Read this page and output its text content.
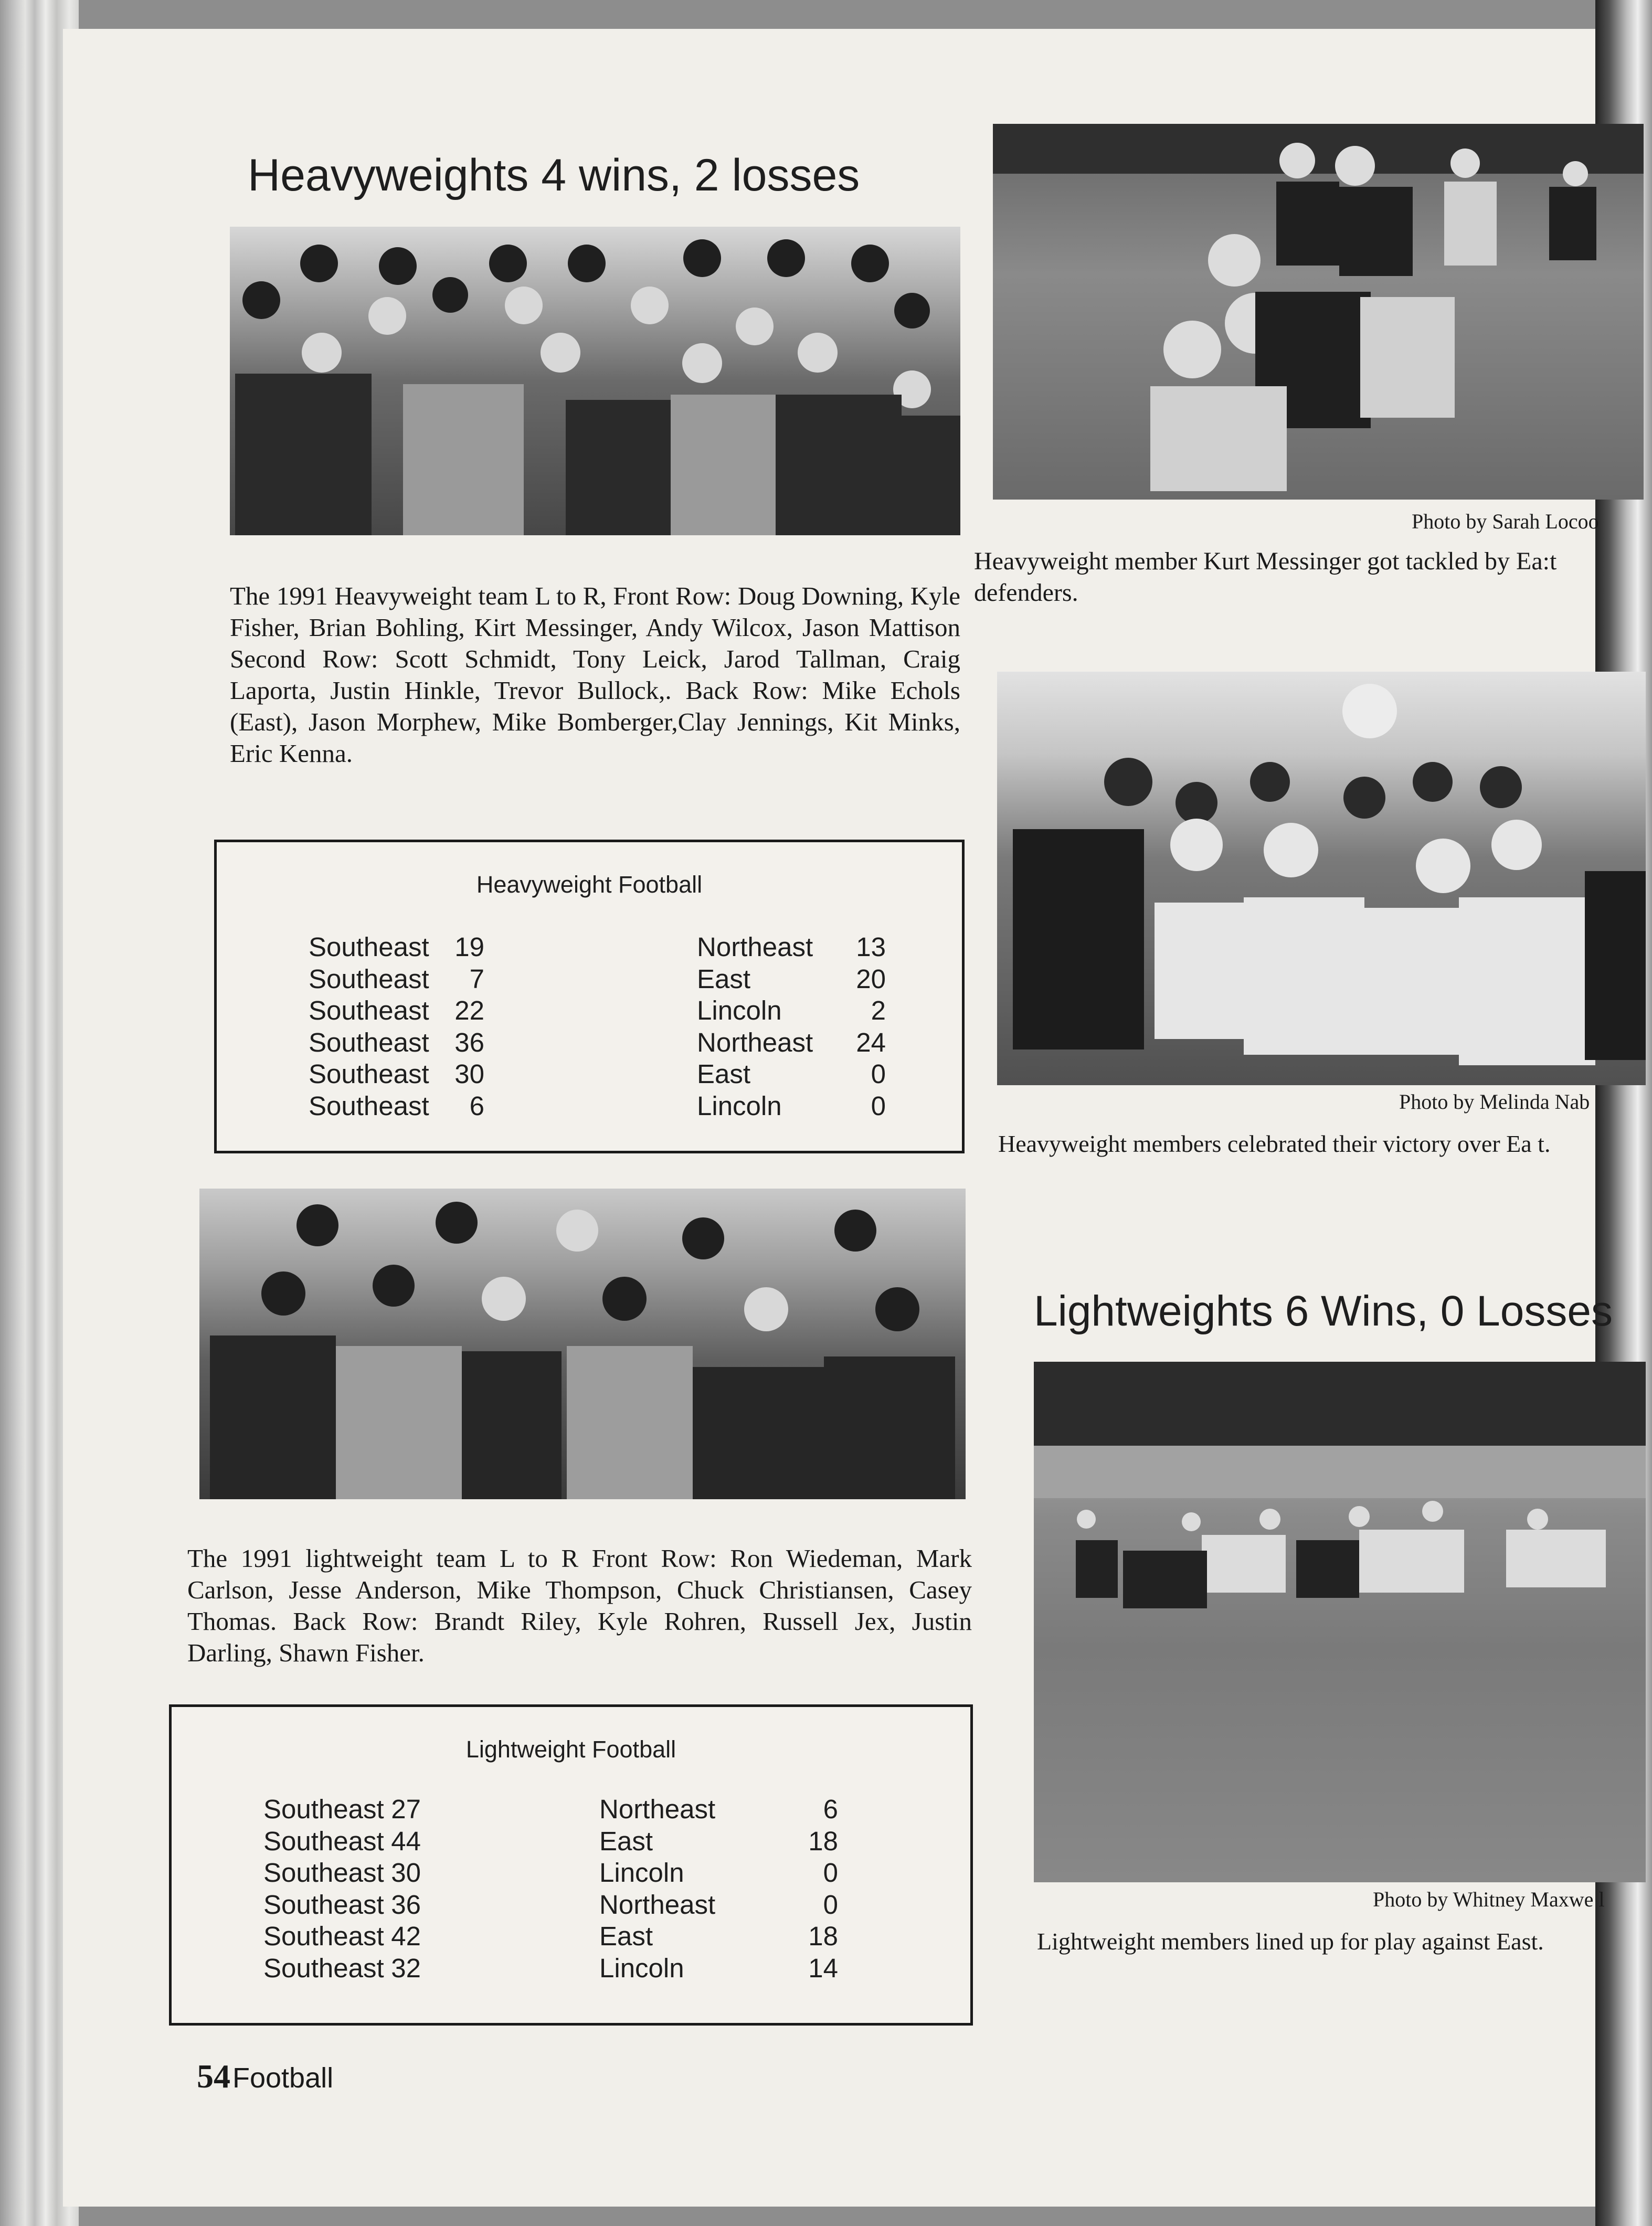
Heavyweights 4 wins, 2 losses

The 1991 Heavyweight team L to R, Front Row: Doug Downing, Kyle Fisher, Brian Bohling, Kirt Messinger, Andy Wilcox, Jason Mattison Second Row: Scott Schmidt, Tony Leick, Jarod Tallman, Craig Laporta, Justin Hinkle, Trevor Bullock,. Back Row: Mike Echols (East), Jason Morphew, Mike Bomberger,Clay Jennings, Kit Minks, Eric Kenna.

Heavyweight Football
Southeast 19	Northeast	13
Southeast	7	East	20
Southeast 22	Lincoln	2
Southeast 36	Northeast	24
Southeast 30	East	0
Southeast	6	Lincoln	0

The 1991 lightweight team L to R Front Row: Ron Wiedeman, Mark Carlson, Jesse Anderson, Mike Thompson, Chuck Christiansen, Casey Thomas. Back Row: Brandt Riley, Kyle Rohren, Russell Jex, Justin Darling, Shawn Fisher.

Lightweight Football
Southeast 27	Northeast	6
Southeast 44	East	18
Southeast 30	Lincoln	0
Southeast 36	Northeast	0
Southeast 42	East	18
Southeast 32	Lincoln	14
54 Football
Photo by Sarah Locoo
Heavyweight member Kurt Messinger got tackled by Ea:t
defenders.
Photo by Melinda Nab
Heavyweight members celebrated their victory over Ea t.
Lightweights 6 Wins, 0 Losses
Photo by Whitney Maxwe l
Lightweight members lined up for play against East.
